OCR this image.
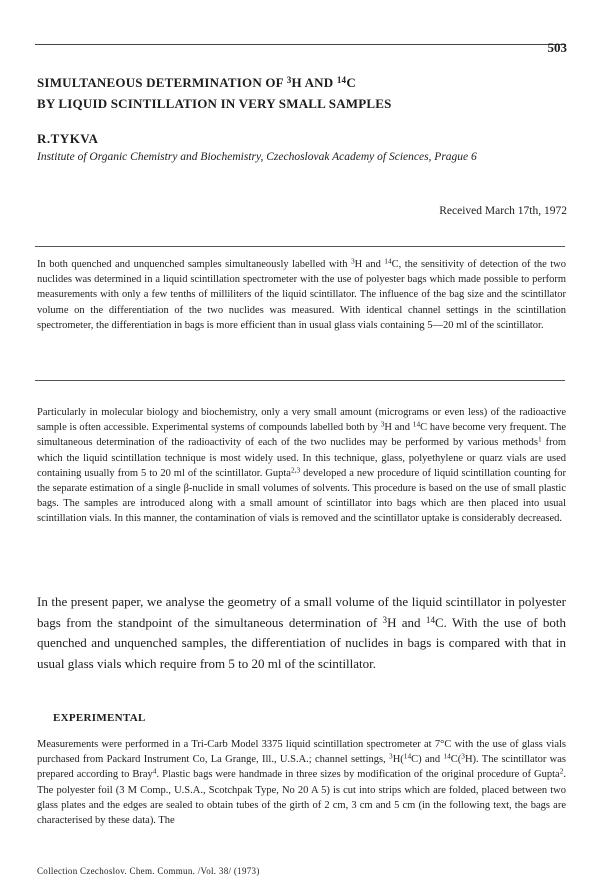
503
SIMULTANEOUS DETERMINATION OF $^3$H AND $^{14}$C
BY LIQUID SCINTILLATION IN VERY SMALL SAMPLES
R.TYKVA
Institute of Organic Chemistry and Biochemistry, Czechoslovak Academy of Sciences, Prague 6
Received March 17th, 1972

In both quenched and unquenched samples simultaneously labelled with $^3$H and $^{14}$C, the sensitivity of detection of the two nuclides was determined in a liquid scintillation spectrometer with the use of polyester bags which made possible to perform measurements with only a few tenths of milliliters of the liquid scintillator. The influence of the bag size and the scintillator volume on the differentiation of the two nuclides was measured. With identical channel settings in the scintillation spectrometer, the differentiation in bags is more efficient than in usual glass vials containing 5—20 ml of the scintillator.

Particularly in molecular biology and biochemistry, only a very small amount (micrograms or even less) of the radioactive sample is often accessible. Experimental systems of compounds labelled both by $^3$H and $^{14}$C have become very frequent. The simultaneous determination of the radioactivity of each of the two nuclides may be performed by various methods$^1$ from which the liquid scintillation technique is most widely used. In this technique, glass, polyethylene or quarz vials are used containing usually from 5 to 20 ml of the scintillator. Gupta$^{2,3}$ developed a new procedure of liquid scintillation counting for the separate estimation of a single β-nuclide in small volumes of solvents. This procedure is based on the use of small plastic bags. The samples are introduced along with a small amount of scintillator into bags which are then placed into usual scintillation vials. In this manner, the contamination of vials is removed and the scintillator uptake is considerably decreased.

In the present paper, we analyse the geometry of a small volume of the liquid scintillator in polyester bags from the standpoint of the simultaneous determination of $^3$H and $^{14}$C. With the use of both quenched and unquenched samples, the differentiation of nuclides in bags is compared with that in usual glass vials which require from 5 to 20 ml of the scintillator.

EXPERIMENTAL

Measurements were performed in a Tri-Carb Model 3375 liquid scintillation spectrometer at 7°C with the use of glass vials purchased from Packard Instrument Co, La Grange, Ill., U.S.A.; channel settings, $^3$H($^{14}$C) and $^{14}$C($^3$H). The scintillator was prepared according to Bray$^4$. Plastic bags were handmade in three sizes by modification of the original procedure of Gupta$^2$. The polyester foil (3 M Comp., U.S.A., Scotchpak Type, No 20 A 5) is cut into strips which are folded, placed between two glass plates and the edges are sealed to obtain tubes of the girth of 2 cm, 3 cm and 5 cm (in the following text, the bags are characterised by these data). The

Collection Czechoslov. Chem. Commun. /Vol. 38/ (1973)
